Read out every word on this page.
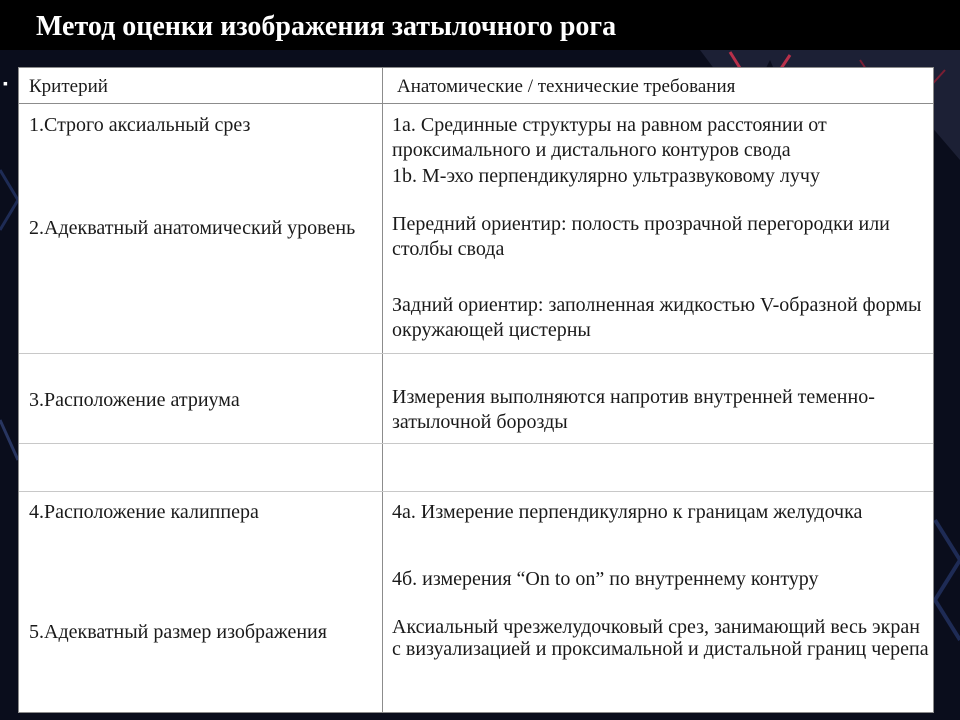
Метод оценки изображения затылочного рога
▪ Критерий	Анатомические / технические требования
1.Строго аксиальный срез
2.Адекватный анатомический уровень
1a. Срединные структуры на равном расстоянии от проксимального и дистального контуров свода
1b. М-эхо перпендикулярно ультразвуковому лучу
Передний ориентир: полость прозрачной перегородки или столбы свода
Задний ориентир: заполненная жидкостью V-образной формы окружающей цистерны
3.Расположение атриума	Измерения выполняются напротив внутренней теменно-затылочной борозды
4.Расположение калиппера
5.Адекватный размер изображения
4a. Измерение перпендикулярно к границам желудочка
4б. измерения “On to on” по внутреннему контуру
Аксиальный чрезжелудочковый срез, занимающий весь экран с визуализацией и проксимальной и дистальной границ черепа
